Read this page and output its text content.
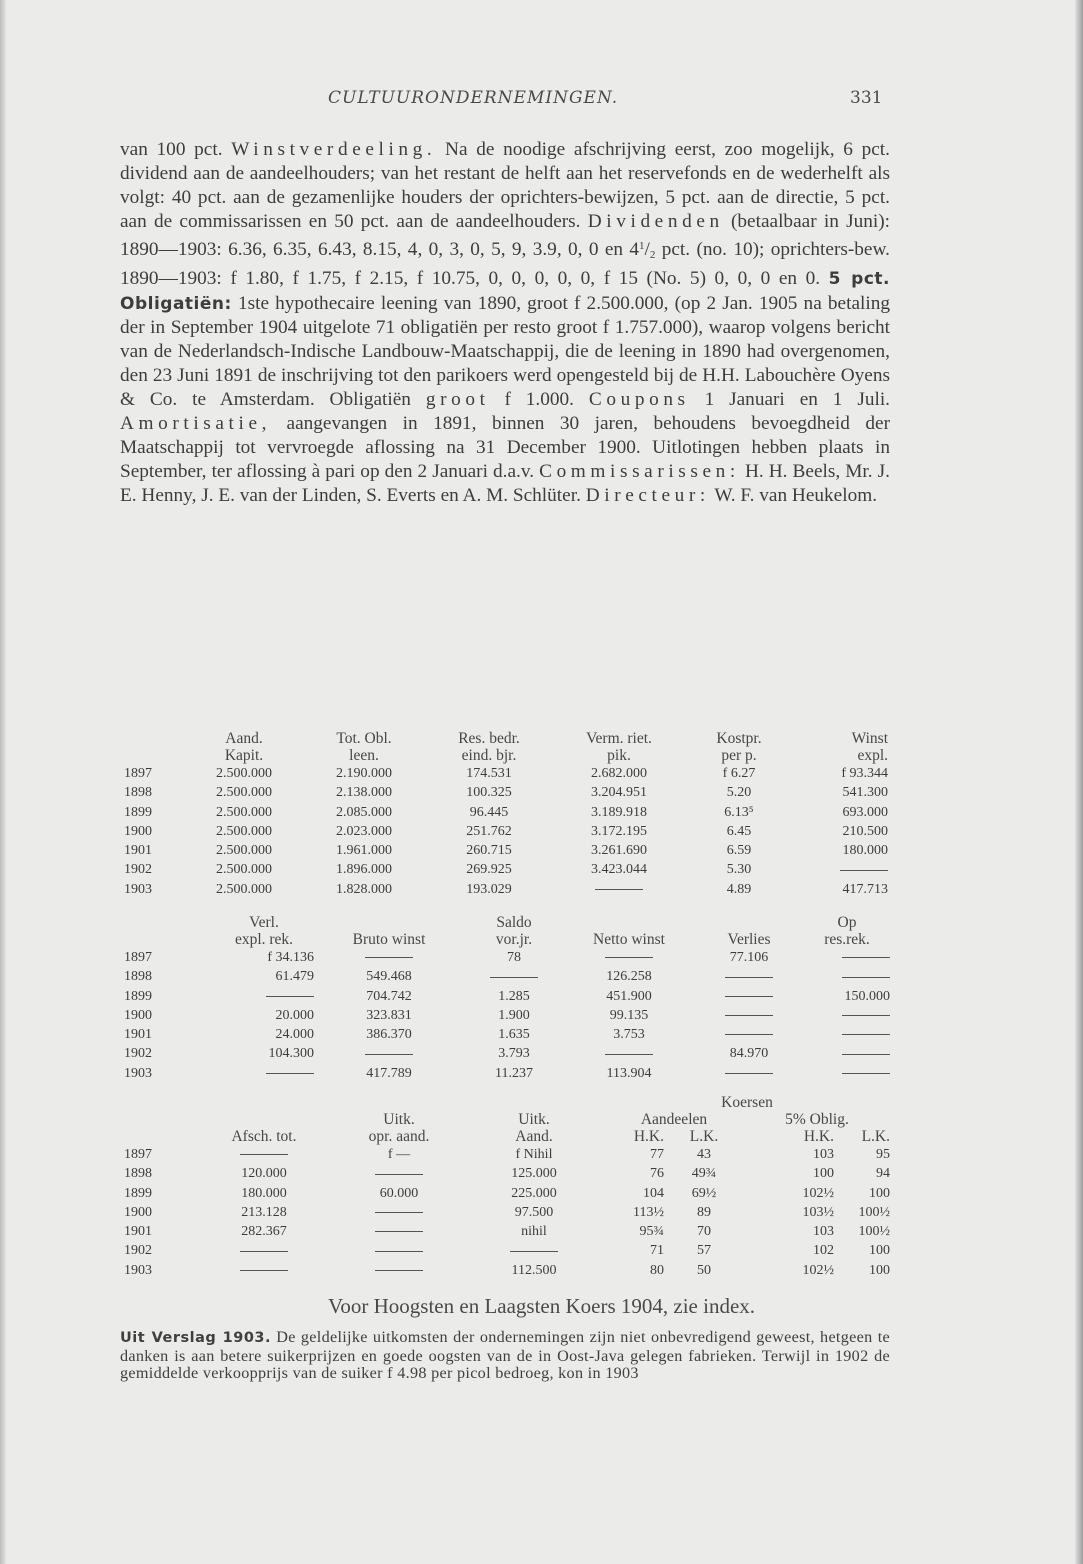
CULTUURONDERNEMINGEN.	331
van 100 pct. Winstverdeeling. Na de noodige afschrijving eerst, zoo mogelijk, 6 pct. dividend aan de aandeelhouders; van het restant de helft aan het reservefonds en de wederhelft als volgt: 40 pct. aan de gezamenlijke houders der oprichters-bewijzen, 5 pct. aan de directie, 5 pct. aan de commissarissen en 50 pct. aan de aandeelhouders. Dividenden (betaalbaar in Juni): 1890—1903: 6.36, 6.35, 6.43, 8.15, 4, 0, 3, 0, 5, 9, 3.9, 0, 0 en $4^1/_2$ pct. (no. 10); oprichters-bew. 1890—1903: f 1.80, f 1.75, f 2.15, f 10.75, 0, 0, 0, 0, 0, f 15 (No. 5) 0, 0, 0 en 0. 5 pct. Obligatiën: 1ste hypothecaire leening van 1890, groot f 2.500.000, (op 2 Jan. 1905 na betaling der in September 1904 uitgelote 71 obligatiën per resto groot f 1.757.000), waarop volgens bericht van de Nederlandsch-Indische Landbouw-Maatschappij, die de leening in 1890 had overgenomen, den 23 Juni 1891 de inschrijving tot den parikoers werd opengesteld bij de H.H. Labouchère Oyens & Co. te Amsterdam. Obligatiën groot f 1.000. Coupons 1 Januari en 1 Juli. Amortisatie, aangevangen in 1891, binnen 30 jaren, behoudens bevoegdheid der Maatschappij tot vervroegde aflossing na 31 December 1900. Uitlotingen hebben plaats in September, ter aflossing à pari op den 2 Januari d.a.v. Commissarissen: H. H. Beels, Mr. J. E. Henny, J. E. van der Linden, S. Everts en A. M. Schlüter. Directeur: W. F. van Heukelom.
	Aand.	Tot. Obl.	Res. bedr.	Verm. riet.	Kostpr.	Winst
	Kapit.	leen.	eind. bjr.	pik.	per p.	expl.
1897	2.500.000	2.190.000	174.531	2.682.000	f 6.27	f 93.344
1898	2.500.000	2.138.000	100.325	3.204.951	5.20	541.300
1899	2.500.000	2.085.000	96.445	3.189.918	6.13⁵	693.000
1900	2.500.000	2.023.000	251.762	3.172.195	6.45	210.500
1901	2.500.000	1.961.000	260.715	3.261.690	6.59	180.000
1902	2.500.000	1.896.000	269.925	3.423.044	5.30	
1903	2.500.000	1.828.000	193.029		4.89	417.713
	Verl.		Saldo			Op
	expl. rek.	Bruto winst	vor.jr.	Netto winst	Verlies	res.rek.
1897	f 34.136		78		77.106	
1898	61.479	549.468		126.258		
1899		704.742	1.285	451.900		150.000
1900	20.000	323.831	1.900	99.135		
1901	24.000	386.370	1.635	3.753		
1902	104.300		3.793		84.970	
1903		417.789	11.237	113.904		
				Koersen			
		Uitk.	Uitk.	Aandeelen		5% Oblig.	
	Afsch. tot.	opr. aand.	Aand.	H.K.	L.K.	H.K.	L.K.
1897		f —	f Nihil	77	43	103	95
1898	120.000		125.000	76	49¾	100	94
1899	180.000	60.000	225.000	104	69½	102½	100
1900	213.128		97.500	113½	89	103½	100½
1901	282.367		nihil	95¾	70	103	100½
1902				71	57	102	100
1903			112.500	80	50	102½	100
Voor Hoogsten en Laagsten Koers 1904, zie index.
Uit Verslag 1903. De geldelijke uitkomsten der ondernemingen zijn niet onbevredigend geweest, hetgeen te danken is aan betere suikerprijzen en goede oogsten van de in Oost-Java gelegen fabrieken. Terwijl in 1902 de gemiddelde verkoopprijs van de suiker f 4.98 per picol bedroeg, kon in 1903
